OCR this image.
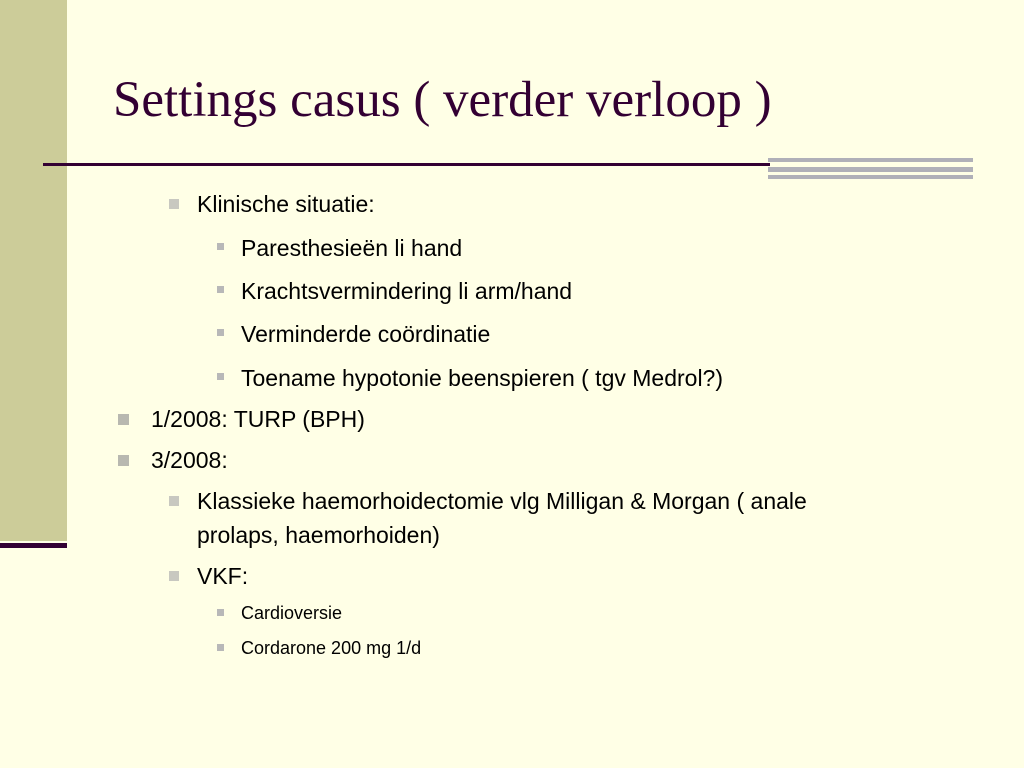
Settings casus ( verder verloop )
Klinische situatie:
Paresthesieën li hand
Krachtsvermindering li arm/hand
Verminderde coördinatie
Toename hypotonie beenspieren ( tgv Medrol?)
1/2008: TURP (BPH)
3/2008:
Klassieke haemorhoidectomie vlg Milligan & Morgan ( anale
prolaps, haemorhoiden)
VKF:
Cardioversie
Cordarone 200 mg 1/d
